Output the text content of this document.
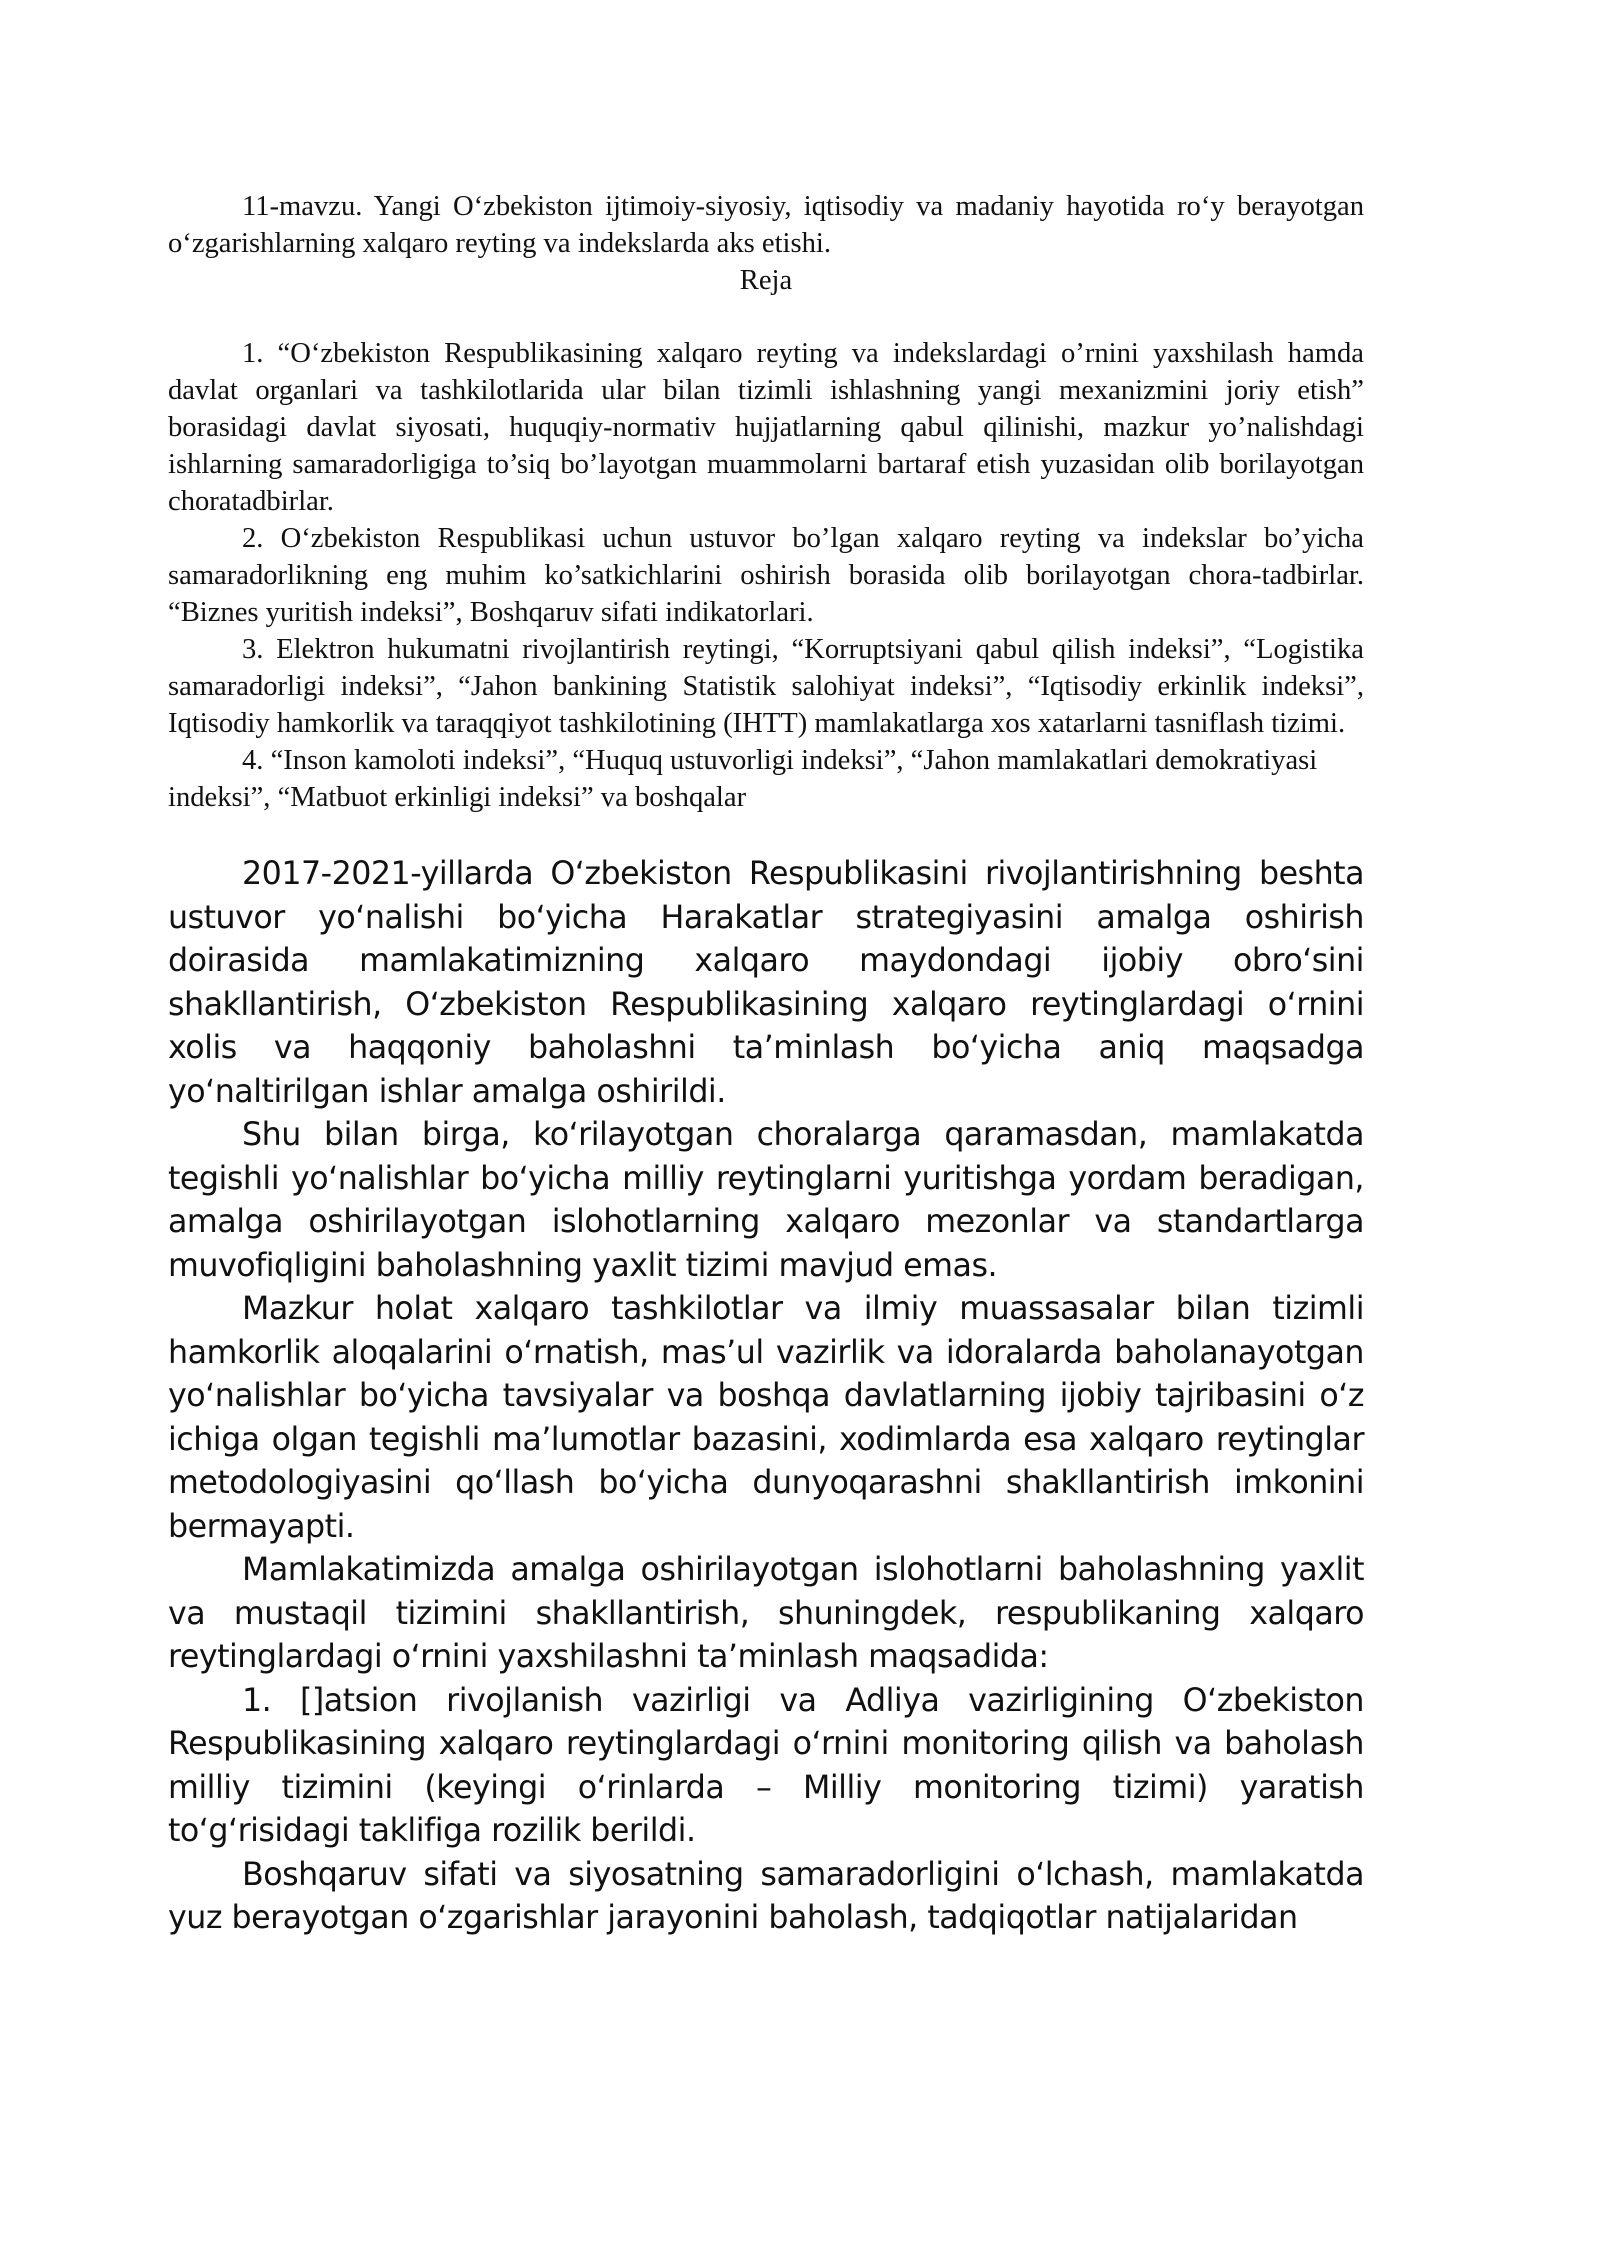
11-mavzu. Yangi O‘zbekiston ijtimoiy-siyosiy, iqtisodiy va madaniy hayotida ro‘y berayotgan o‘zgarishlarning xalqaro reyting va indekslarda aks etishi.

Reja

1. “O‘zbekiston Respublikasining xalqaro reyting va indekslardagi o’rnini yaxshilash hamda davlat organlari va tashkilotlarida ular bilan tizimli ishlashning yangi mexanizmini joriy etish” borasidagi davlat siyosati, huquqiy-normativ hujjatlarning qabul qilinishi, mazkur yo’nalishdagi ishlarning samaradorligiga to’siq bo’layotgan muammolarni bartaraf etish yuzasidan olib borilayotgan choratadbirlar.

2. O‘zbekiston Respublikasi uchun ustuvor bo’lgan xalqaro reyting va indekslar bo’yicha samaradorlikning eng muhim ko’satkichlarini oshirish borasida olib borilayotgan chora-tadbirlar. “Biznes yuritish indeksi”, Boshqaruv sifati indikatorlari.

3. Elektron hukumatni rivojlantirish reytingi, “Korruptsiyani qabul qilish indeksi”, “Logistika samaradorligi indeksi”, “Jahon bankining Statistik salohiyat indeksi”, “Iqtisodiy erkinlik indeksi”, Iqtisodiy hamkorlik va taraqqiyot tashkilotining (IHTT) mamlakatlarga xos xatarlarni tasniflash tizimi.

4. “Inson kamoloti indeksi”, “Huquq ustuvorligi indeksi”, “Jahon mamlakatlari demokratiyasi

indeksi”, “Matbuot erkinligi indeksi” va boshqalar

2017-2021-yillarda O‘zbekiston Respublikasini rivojlantirishning beshta ustuvor yo‘nalishi bo‘yicha Harakatlar strategiyasini amalga oshirish doirasida mamlakatimizning xalqaro maydondagi ijobiy obro‘sini shakllantirish, O‘zbekiston Respublikasining xalqaro reytinglardagi o‘rnini xolis va haqqoniy baholashni ta’minlash bo‘yicha aniq maqsadga yo‘naltirilgan ishlar amalga oshirildi.

Shu bilan birga, ko‘rilayotgan choralarga qaramasdan, mamlakatda tegishli yo‘nalishlar bo‘yicha milliy reytinglarni yuritishga yordam beradigan, amalga oshirilayotgan islohotlarning xalqaro mezonlar va standartlarga muvofiqligini baholashning yaxlit tizimi mavjud emas.

Mazkur holat xalqaro tashkilotlar va ilmiy muassasalar bilan tizimli hamkorlik aloqalarini o‘rnatish, mas’ul vazirlik va idoralarda baholanayotgan yo‘nalishlar bo‘yicha tavsiyalar va boshqa davlatlarning ijobiy tajribasini o‘z ichiga olgan tegishli ma’lumotlar bazasini, xodimlarda esa xalqaro reytinglar metodologiyasini qo‘llash bo‘yicha dunyoqarashni shakllantirish imkonini bermayapti.

Mamlakatimizda amalga oshirilayotgan islohotlarni baholashning yaxlit va mustaqil tizimini shakllantirish, shuningdek, respublikaning xalqaro reytinglardagi o‘rnini yaxshilashni ta’minlash maqsadida:

1. []atsion rivojlanish vazirligi va Adliya vazirligining O‘zbekiston Respublikasining xalqaro reytinglardagi o‘rnini monitoring qilish va baholash milliy tizimini (keyingi o‘rinlarda – Milliy monitoring tizimi) yaratish to‘g‘risidagi taklifiga rozilik berildi.

Boshqaruv sifati va siyosatning samaradorligini o‘lchash, mamlakatda yuz berayotgan o‘zgarishlar jarayonini baholash, tadqiqotlar natijalaridan
